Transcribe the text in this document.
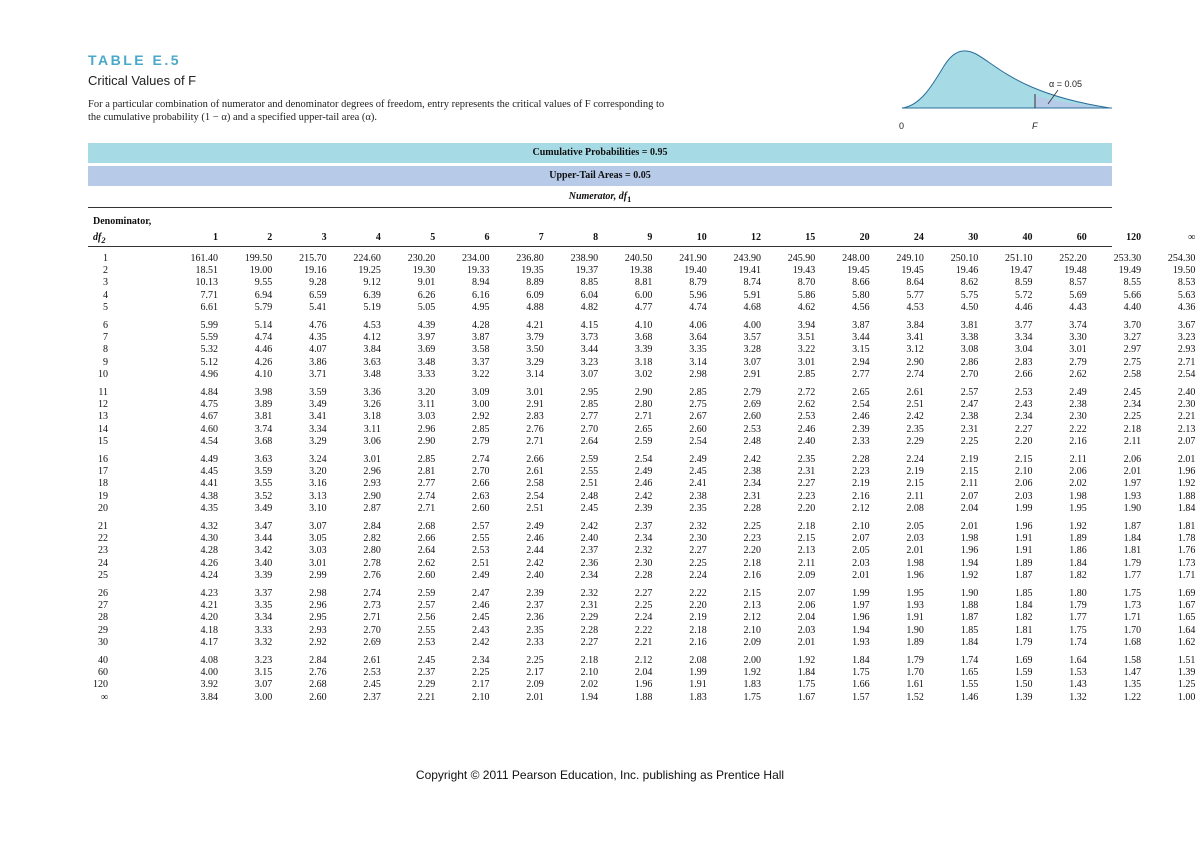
TABLE E.5
Critical Values of F
For a particular combination of numerator and denominator degrees of freedom, entry represents the critical values of F corresponding to the cumulative probability (1 − α) and a specified upper-tail area (α).
α = 0.05
0	F
Cumulative Probabilities = 0.95
Upper-Tail Areas = 0.05
Numerator, $df_1$
Denominator,
$df_2$	1	2	3	4	5	6	7	8	9	10	12	15	20	24	30	40	60	120	∞
1	161.40	199.50	215.70	224.60	230.20	234.00	236.80	238.90	240.50	241.90	243.90	245.90	248.00	249.10	250.10	251.10	252.20	253.30	254.30
2	18.51	19.00	19.16	19.25	19.30	19.33	19.35	19.37	19.38	19.40	19.41	19.43	19.45	19.45	19.46	19.47	19.48	19.49	19.50
3	10.13	9.55	9.28	9.12	9.01	8.94	8.89	8.85	8.81	8.79	8.74	8.70	8.66	8.64	8.62	8.59	8.57	8.55	8.53
4	7.71	6.94	6.59	6.39	6.26	6.16	6.09	6.04	6.00	5.96	5.91	5.86	5.80	5.77	5.75	5.72	5.69	5.66	5.63
5	6.61	5.79	5.41	5.19	5.05	4.95	4.88	4.82	4.77	4.74	4.68	4.62	4.56	4.53	4.50	4.46	4.43	4.40	4.36
6	5.99	5.14	4.76	4.53	4.39	4.28	4.21	4.15	4.10	4.06	4.00	3.94	3.87	3.84	3.81	3.77	3.74	3.70	3.67
7	5.59	4.74	4.35	4.12	3.97	3.87	3.79	3.73	3.68	3.64	3.57	3.51	3.44	3.41	3.38	3.34	3.30	3.27	3.23
8	5.32	4.46	4.07	3.84	3.69	3.58	3.50	3.44	3.39	3.35	3.28	3.22	3.15	3.12	3.08	3.04	3.01	2.97	2.93
9	5.12	4.26	3.86	3.63	3.48	3.37	3.29	3.23	3.18	3.14	3.07	3.01	2.94	2.90	2.86	2.83	2.79	2.75	2.71
10	4.96	4.10	3.71	3.48	3.33	3.22	3.14	3.07	3.02	2.98	2.91	2.85	2.77	2.74	2.70	2.66	2.62	2.58	2.54
11	4.84	3.98	3.59	3.36	3.20	3.09	3.01	2.95	2.90	2.85	2.79	2.72	2.65	2.61	2.57	2.53	2.49	2.45	2.40
12	4.75	3.89	3.49	3.26	3.11	3.00	2.91	2.85	2.80	2.75	2.69	2.62	2.54	2.51	2.47	2.43	2.38	2.34	2.30
13	4.67	3.81	3.41	3.18	3.03	2.92	2.83	2.77	2.71	2.67	2.60	2.53	2.46	2.42	2.38	2.34	2.30	2.25	2.21
14	4.60	3.74	3.34	3.11	2.96	2.85	2.76	2.70	2.65	2.60	2.53	2.46	2.39	2.35	2.31	2.27	2.22	2.18	2.13
15	4.54	3.68	3.29	3.06	2.90	2.79	2.71	2.64	2.59	2.54	2.48	2.40	2.33	2.29	2.25	2.20	2.16	2.11	2.07
16	4.49	3.63	3.24	3.01	2.85	2.74	2.66	2.59	2.54	2.49	2.42	2.35	2.28	2.24	2.19	2.15	2.11	2.06	2.01
17	4.45	3.59	3.20	2.96	2.81	2.70	2.61	2.55	2.49	2.45	2.38	2.31	2.23	2.19	2.15	2.10	2.06	2.01	1.96
18	4.41	3.55	3.16	2.93	2.77	2.66	2.58	2.51	2.46	2.41	2.34	2.27	2.19	2.15	2.11	2.06	2.02	1.97	1.92
19	4.38	3.52	3.13	2.90	2.74	2.63	2.54	2.48	2.42	2.38	2.31	2.23	2.16	2.11	2.07	2.03	1.98	1.93	1.88
20	4.35	3.49	3.10	2.87	2.71	2.60	2.51	2.45	2.39	2.35	2.28	2.20	2.12	2.08	2.04	1.99	1.95	1.90	1.84
21	4.32	3.47	3.07	2.84	2.68	2.57	2.49	2.42	2.37	2.32	2.25	2.18	2.10	2.05	2.01	1.96	1.92	1.87	1.81
22	4.30	3.44	3.05	2.82	2.66	2.55	2.46	2.40	2.34	2.30	2.23	2.15	2.07	2.03	1.98	1.91	1.89	1.84	1.78
23	4.28	3.42	3.03	2.80	2.64	2.53	2.44	2.37	2.32	2.27	2.20	2.13	2.05	2.01	1.96	1.91	1.86	1.81	1.76
24	4.26	3.40	3.01	2.78	2.62	2.51	2.42	2.36	2.30	2.25	2.18	2.11	2.03	1.98	1.94	1.89	1.84	1.79	1.73
25	4.24	3.39	2.99	2.76	2.60	2.49	2.40	2.34	2.28	2.24	2.16	2.09	2.01	1.96	1.92	1.87	1.82	1.77	1.71
26	4.23	3.37	2.98	2.74	2.59	2.47	2.39	2.32	2.27	2.22	2.15	2.07	1.99	1.95	1.90	1.85	1.80	1.75	1.69
27	4.21	3.35	2.96	2.73	2.57	2.46	2.37	2.31	2.25	2.20	2.13	2.06	1.97	1.93	1.88	1.84	1.79	1.73	1.67
28	4.20	3.34	2.95	2.71	2.56	2.45	2.36	2.29	2.24	2.19	2.12	2.04	1.96	1.91	1.87	1.82	1.77	1.71	1.65
29	4.18	3.33	2.93	2.70	2.55	2.43	2.35	2.28	2.22	2.18	2.10	2.03	1.94	1.90	1.85	1.81	1.75	1.70	1.64
30	4.17	3.32	2.92	2.69	2.53	2.42	2.33	2.27	2.21	2.16	2.09	2.01	1.93	1.89	1.84	1.79	1.74	1.68	1.62
40	4.08	3.23	2.84	2.61	2.45	2.34	2.25	2.18	2.12	2.08	2.00	1.92	1.84	1.79	1.74	1.69	1.64	1.58	1.51
60	4.00	3.15	2.76	2.53	2.37	2.25	2.17	2.10	2.04	1.99	1.92	1.84	1.75	1.70	1.65	1.59	1.53	1.47	1.39
120	3.92	3.07	2.68	2.45	2.29	2.17	2.09	2.02	1.96	1.91	1.83	1.75	1.66	1.61	1.55	1.50	1.43	1.35	1.25
∞	3.84	3.00	2.60	2.37	2.21	2.10	2.01	1.94	1.88	1.83	1.75	1.67	1.57	1.52	1.46	1.39	1.32	1.22	1.00
Copyright © 2011 Pearson Education, Inc. publishing as Prentice Hall
